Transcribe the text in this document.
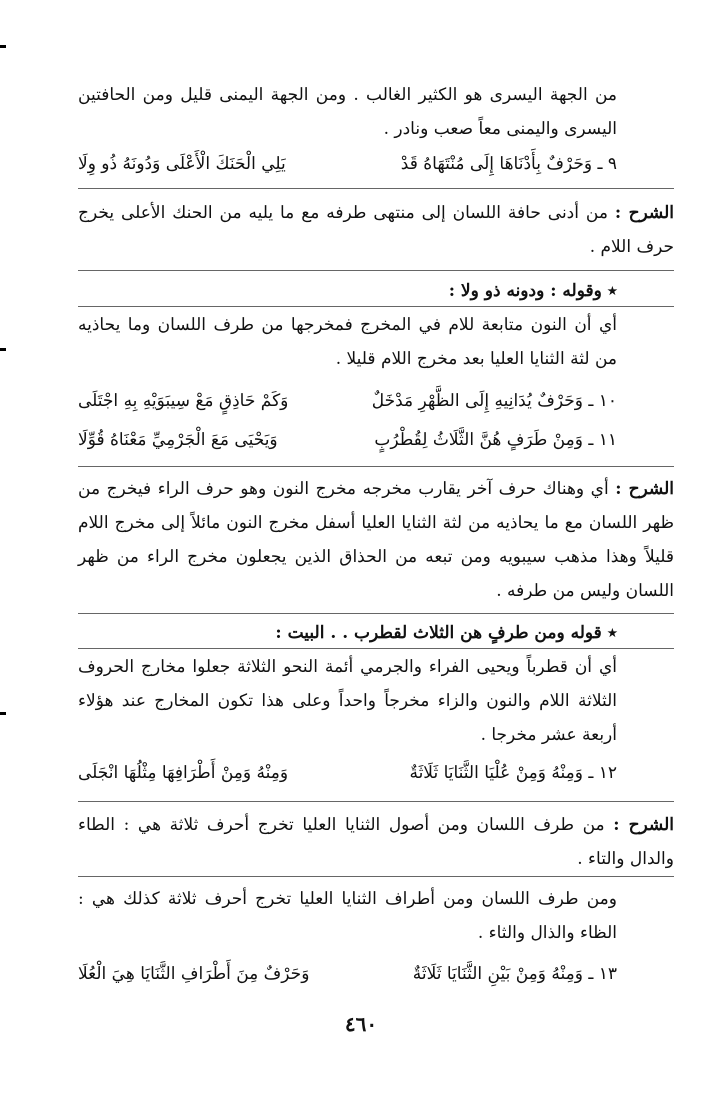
من الجهة اليسرى هو الكثير الغالب . ومن الجهة اليمنى قليل ومن الحافتين اليسرى واليمنى معاً صعب ونادر .
٩ ـ وَحَرْفٌ بِأَدْنَاهَا إِلَى مُنْتَهَاهُ قَدْ
يَلِي الْحَنَكَ الْأَعْلَى وَدُونَهُ ذُو وِلَا
الشرح : من أدنى حافة اللسان إلى منتهى طرفه مع ما يليه من الحنك الأعلى يخرج حرف اللام .
٭ وقوله : ودونه ذو ولا :
أي أن النون متابعة للام في المخرج فمخرجها من طرف اللسان وما يحاذيه من لثة الثنايا العليا بعد مخرج اللام قليلا .
١٠ ـ وَحَرْفٌ يُدَانِيهِ إِلَى الظَّهْرِ مَدْخَلٌ
وَكَمْ حَاذِقٍ مَعْ سِيبَوَيْهِ بِهِ اجْتَلَى
١١ ـ وَمِنْ طَرَفٍ هُنَّ الثَّلَاثُ لِقُطْرُبٍ
وَيَحْيَى مَعَ الْجَرْمِيِّ مَعْنَاهُ قُوِّلَا
الشرح : أي وهناك حرف آخر يقارب مخرجه مخرج النون وهو حرف الراء فيخرج من ظهر اللسان مع ما يحاذيه من لثة الثنايا العليا أسفل مخرج النون مائلاً إلى مخرج اللام قليلاً وهذا مذهب سيبويه ومن تبعه من الحذاق الذين يجعلون مخرج الراء من ظهر اللسان وليس من طرفه .
٭ قوله ومن طرفٍ هن الثلاث لقطرب . . البيت :
أي أن قطرباً ويحيى الفراء والجرمي أئمة النحو الثلاثة جعلوا مخارج الحروف الثلاثة اللام والنون والزاء مخرجاً واحداً وعلى هذا تكون المخارج عند هؤلاء أربعة عشر مخرجا .
١٢ ـ وَمِنْهُ وَمِنْ عُلْيَا الثَّنَايَا ثَلَاثَةٌ
وَمِنْهُ وَمِنْ أَطْرَافِهَا مِثْلُهَا انْجَلَى
الشرح : من طرف اللسان ومن أصول الثنايا العليا تخرج أحرف ثلاثة هي : الطاء والدال والتاء .
ومن طرف اللسان ومن أطراف الثنايا العليا تخرج أحرف ثلاثة كذلك هي : الظاء والذال والثاء .
١٣ ـ وَمِنْهُ وَمِنْ بَيْنِ الثَّنَايَا ثَلَاثَةٌ
وَحَرْفٌ مِنَ أَطْرَافِ الثَّنَايَا هِيَ الْعُلَا
٤٦٠
